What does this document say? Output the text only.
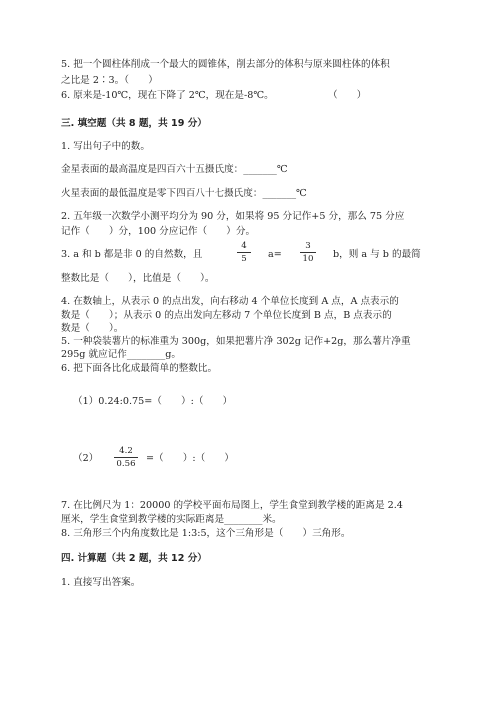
5. 把一个圆柱体削成一个最大的圆锥体，削去部分的体积与原来圆柱体的体积
之比是 2∶3。（　　）
6. 原来是-10℃，现在下降了 2℃，现在是-8℃。	（　　）
三. 填空题（共 8 题，共 19 分）
1. 写出句子中的数。
金星表面的最高温度是四百六十五摄氏度：_______℃
火星表面的最低温度是零下四百八十七摄氏度：_______℃
2. 五年级一次数学小测平均分为 90 分，如果将 95 分记作+5 分，那么 75 分应
记作（　　）分，100 分应记作（　　）分。
3. a 和 b 都是非 0 的自然数，且
4
5	a=
3
10 b，则 a 与 b 的最简
整数比是（　　），比值是（　　）。
4. 在数轴上，从表示 0 的点出发，向右移动 4 个单位长度到 A 点，A 点表示的
数是（　　）；从表示 0 的点出发向左移动 7 个单位长度到 B 点，B 点表示的
数是（　　）。
5. 一种袋装薯片的标准重为 300g，如果把薯片净 302g 记作+2g，那么薯片净重
295g 就应记作________g。
6. 把下面各比化成最简单的整数比。
（1）0.24:0.75=（　　）:（　　）
（2）
4.2
0.56 =（　　）:（　　）
7. 在比例尺为 1：20000 的学校平面布局图上，学生食堂到教学楼的距离是 2.4
厘米，学生食堂到教学楼的实际距离是________米。
8. 三角形三个内角度数比是 1:3:5，这个三角形是（　　）三角形。
四. 计算题（共 2 题，共 12 分）
1. 直接写出答案。
